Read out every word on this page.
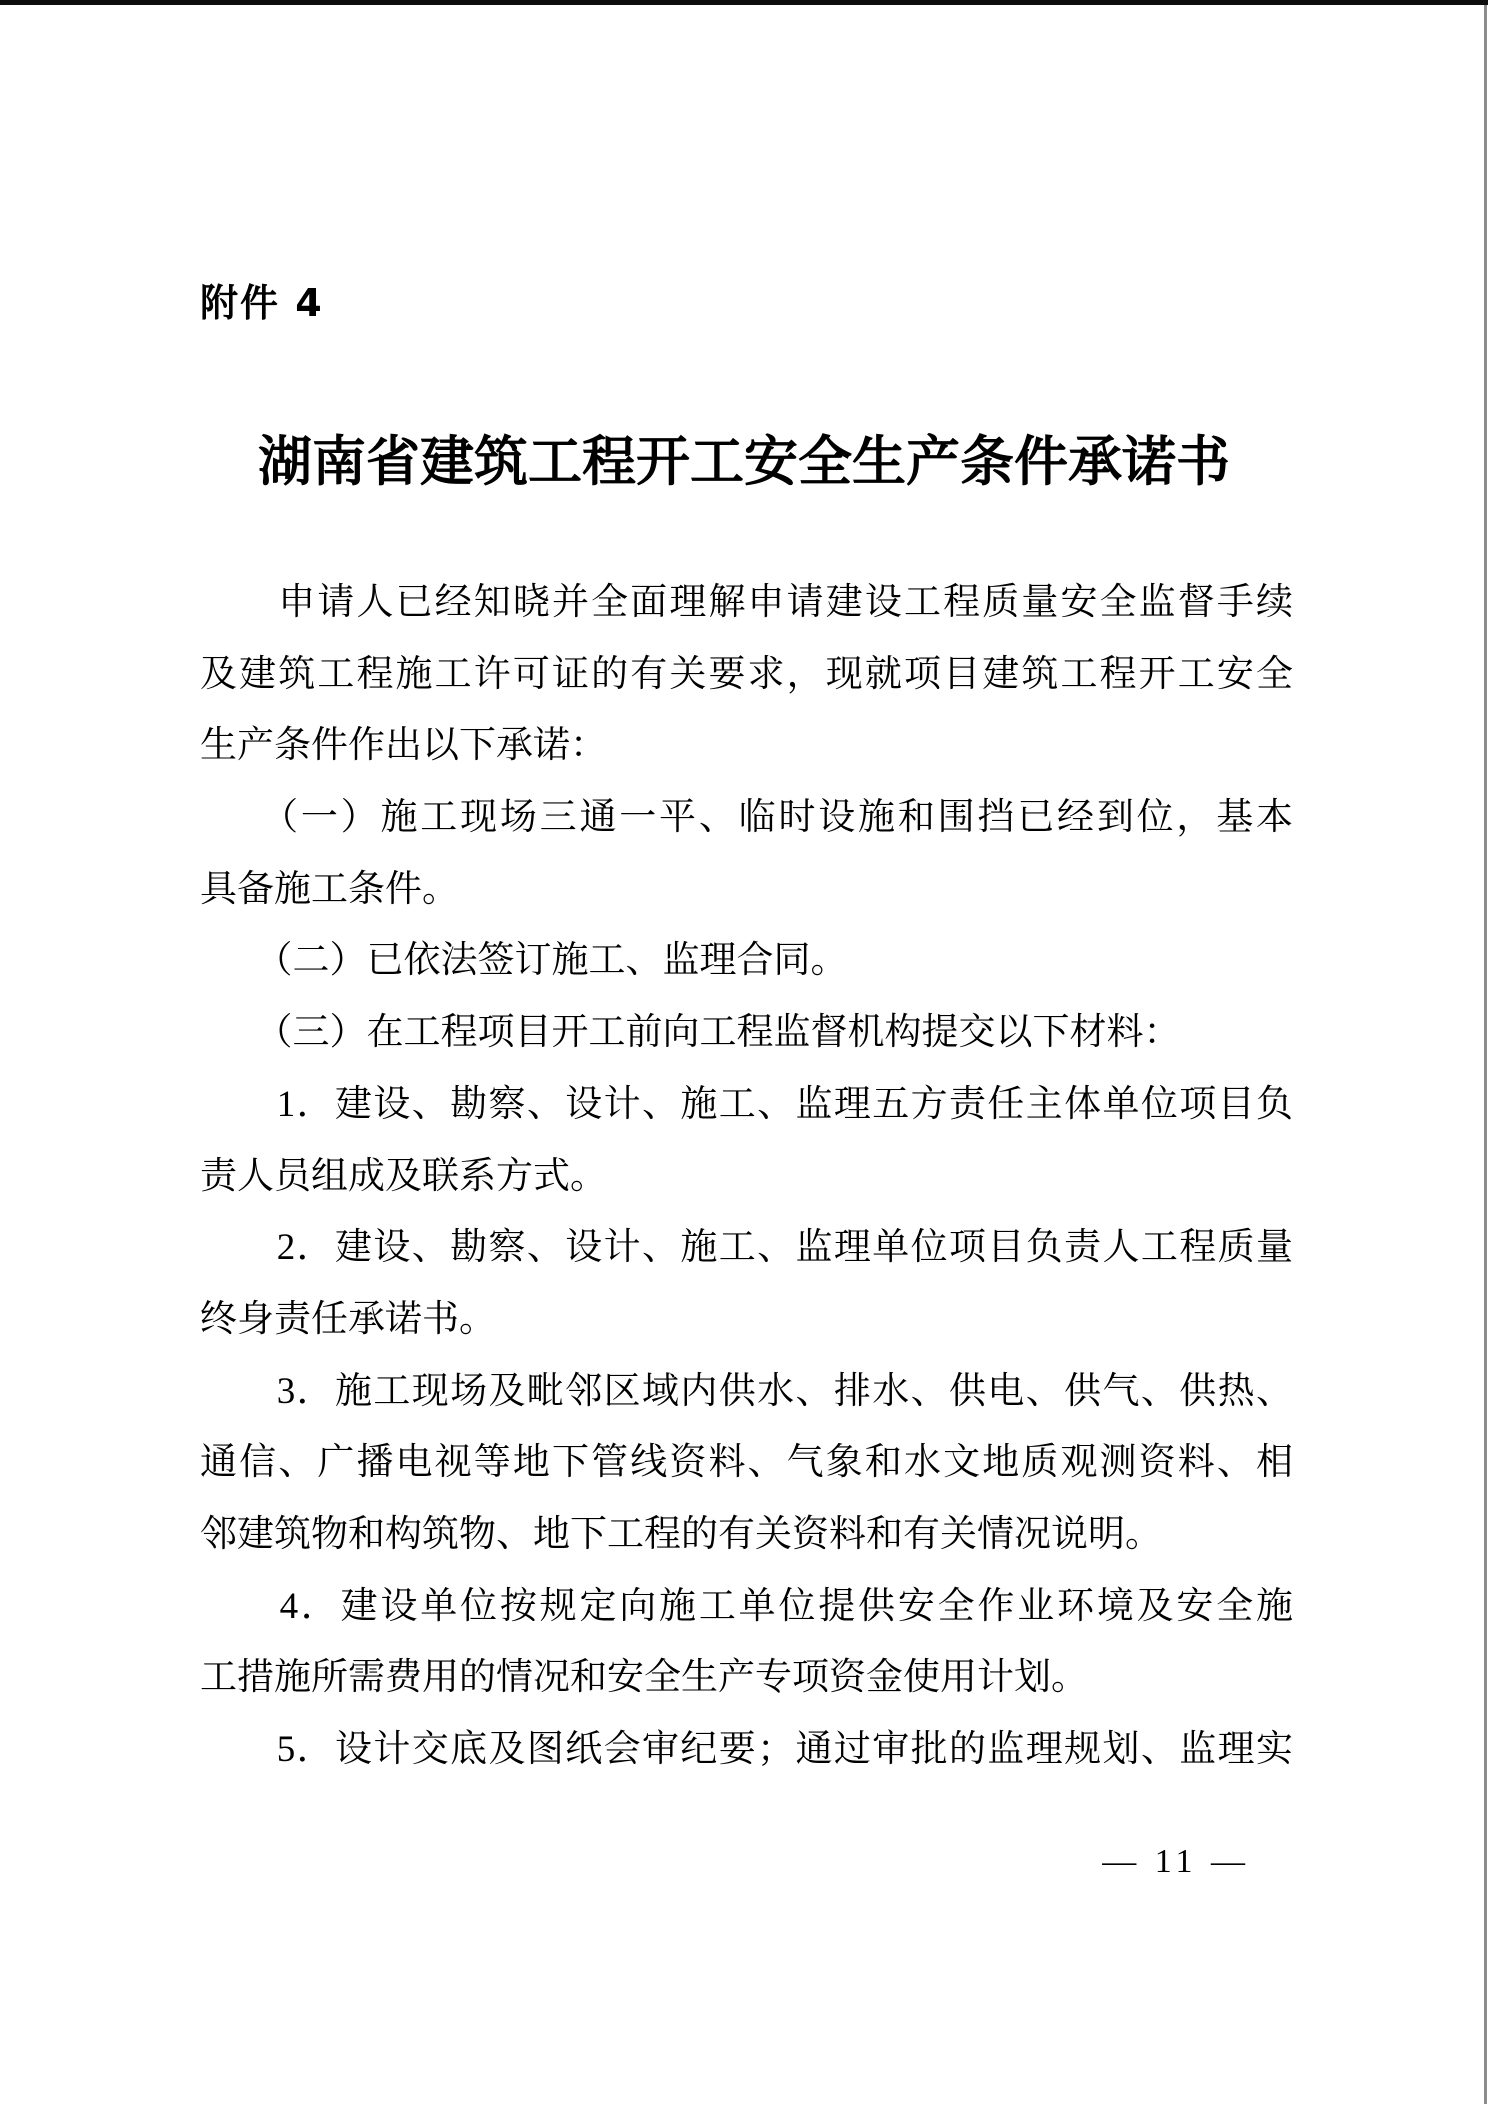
附件 4
湖南省建筑工程开工安全生产条件承诺书
　　申请人已经知晓并全面理解申请建设工程质量安全监督手续
及建筑工程施工许可证的有关要求，现就项目建筑工程开工安全
生产条件作出以下承诺：
　　（一）施工现场三通一平、临时设施和围挡已经到位，基本
具备施工条件。
　　（二）已依法签订施工、监理合同。
　　（三）在工程项目开工前向工程监督机构提交以下材料：
　　1．建设、勘察、设计、施工、监理五方责任主体单位项目负
责人员组成及联系方式。
　　2．建设、勘察、设计、施工、监理单位项目负责人工程质量
终身责任承诺书。
　　3．施工现场及毗邻区域内供水、排水、供电、供气、供热、
通信、广播电视等地下管线资料、气象和水文地质观测资料、相
邻建筑物和构筑物、地下工程的有关资料和有关情况说明。
　　4．建设单位按规定向施工单位提供安全作业环境及安全施
工措施所需费用的情况和安全生产专项资金使用计划。
　　5．设计交底及图纸会审纪要；通过审批的监理规划、监理实
— 11 —
